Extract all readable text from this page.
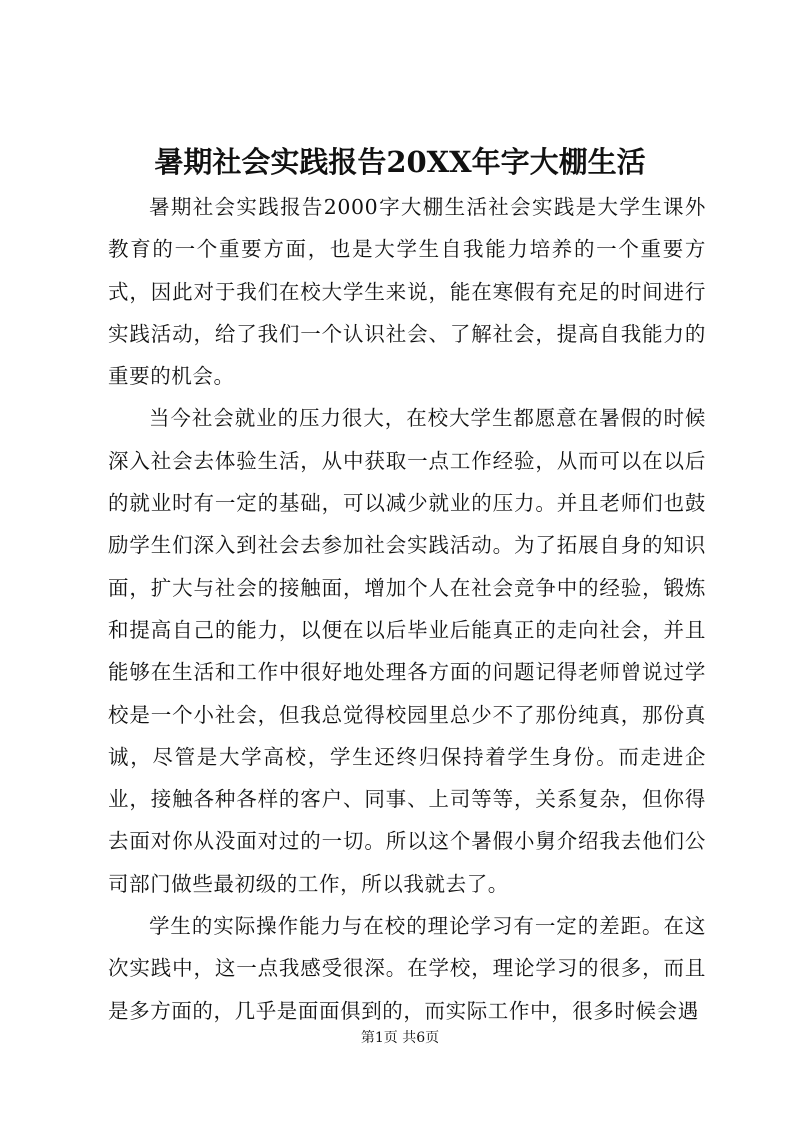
暑期社会实践报告20XX年字大棚生活

暑期社会实践报告2000字大棚生活社会实践是大学生课外教育的一个重要方面，也是大学生自我能力培养的一个重要方式，因此对于我们在校大学生来说，能在寒假有充足的时间进行实践活动，给了我们一个认识社会、了解社会，提高自我能力的重要的机会。

当今社会就业的压力很大，在校大学生都愿意在暑假的时候深入社会去体验生活，从中获取一点工作经验，从而可以在以后的就业时有一定的基础，可以减少就业的压力。并且老师们也鼓励学生们深入到社会去参加社会实践活动。为了拓展自身的知识面，扩大与社会的接触面，增加个人在社会竞争中的经验，锻炼和提高自己的能力，以便在以后毕业后能真正的走向社会，并且能够在生活和工作中很好地处理各方面的问题记得老师曾说过学校是一个小社会，但我总觉得校园里总少不了那份纯真，那份真诚，尽管是大学高校，学生还终归保持着学生身份。而走进企业，接触各种各样的客户、同事、上司等等，关系复杂，但你得去面对你从没面对过的一切。所以这个暑假小舅介绍我去他们公司部门做些最初级的工作，所以我就去了。

学生的实际操作能力与在校的理论学习有一定的差距。在这次实践中，这一点我感受很深。在学校，理论学习的很多，而且是多方面的，几乎是面面俱到的，而实际工作中，很多时候会遇

第1页 共6页
